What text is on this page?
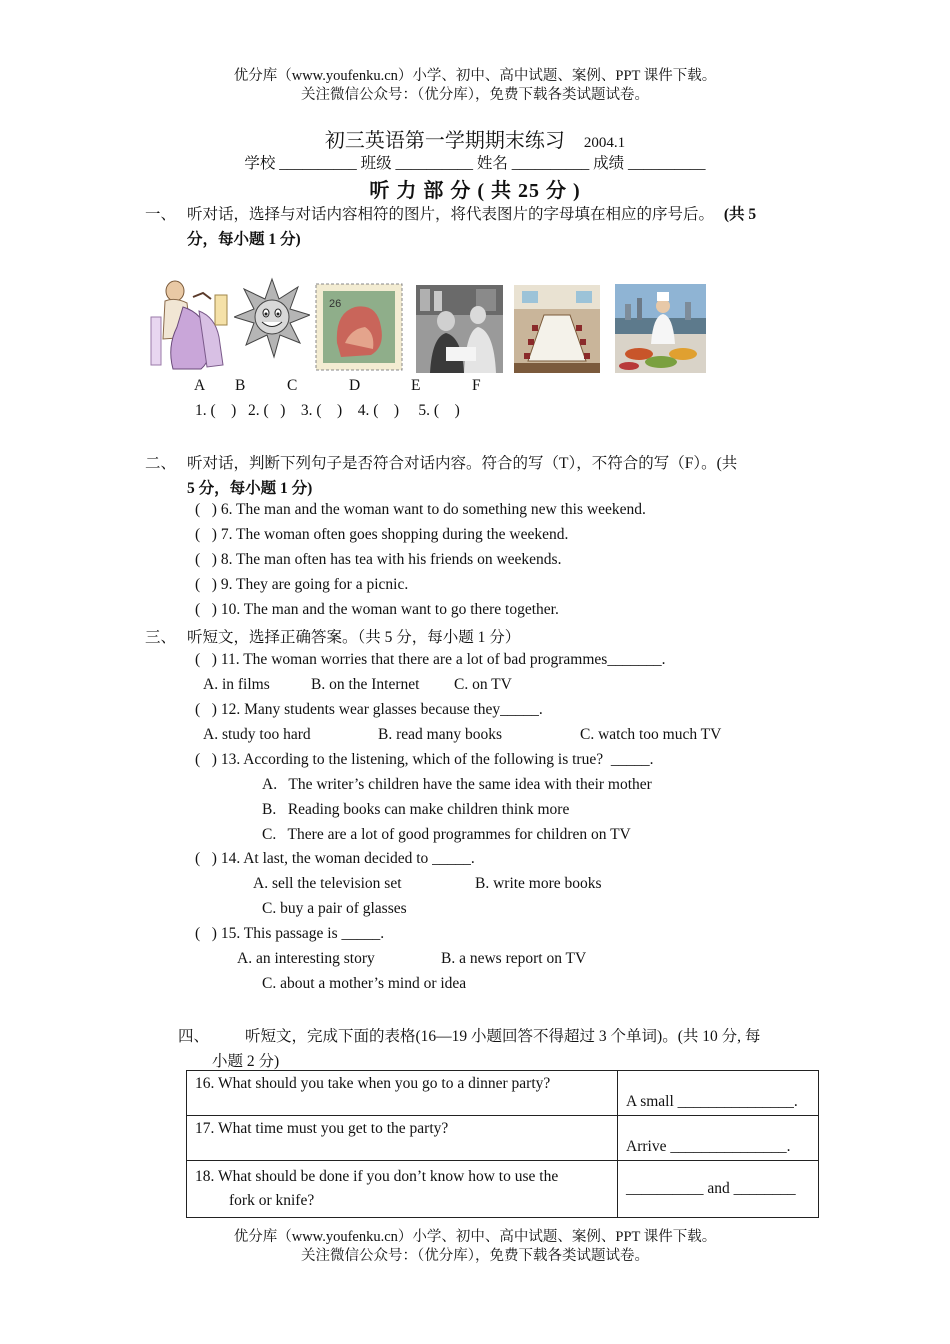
优分库（www.youfenku.cn）小学、初中、高中试题、案例、PPT 课件下载。
关注微信公众号：（优分库），免费下载各类试题试卷。
初三英语第一学期期末练习 2004.1
学校 __________ 班级 __________ 姓名 __________ 成绩 __________
听 力 部 分 ( 共 25 分 )
一、 听对话，选择与对话内容相符的图片，将代表图片的字母填在相应的序号后。 (共 5
分，每小题 1 分)
26
A B	C	D	E	F
1. (    )   2. (   )    3. (    )    4. (    )     5. (    )
二、 听对话，判断下列句子是否符合对话内容。符合的写（T），不符合的写（F）。(共
5 分，每小题 1 分)
(   ) 6. The man and the woman want to do something new this weekend.
(   ) 7. The woman often goes shopping during the weekend.
(   ) 8. The man often has tea with his friends on weekends.
(   ) 9. They are going for a picnic.
(   ) 10. The man and the woman want to go there together.
三、 听短文，选择正确答案。（共 5 分，每小题 1 分）
(   ) 11. The woman worries that there are a lot of bad programmes_______.
A. in films	B. on the Internet C. on TV
(   ) 12. Many students wear glasses because they_____.
A. study too hard	B. read many books	C. watch too much TV
(   ) 13. According to the listening, which of the following is true?  _____.
A.   The writer’s children have the same idea with their mother
B.   Reading books can make children think more
C.   There are a lot of good programmes for children on TV
(   ) 14. At last, the woman decided to _____.
A. sell the television set	B. write more books
C. buy a pair of glasses
(   ) 15. This passage is _____.
A. an interesting story	B. a news report on TV
C. about a mother’s mind or idea
四、 听短文，完成下面的表格(16—19 小题回答不得超过 3 个单词)。(共 10 分, 每
小题 2 分)
16. What should you take when you go to a dinner party?	A small _______________.
17. What time must you get to the party?	Arrive _______________.

18. What should be done if you don’t know how to use the
fork or knife?	__________ and ________
优分库（www.youfenku.cn）小学、初中、高中试题、案例、PPT 课件下载。
关注微信公众号：（优分库），免费下载各类试题试卷。
